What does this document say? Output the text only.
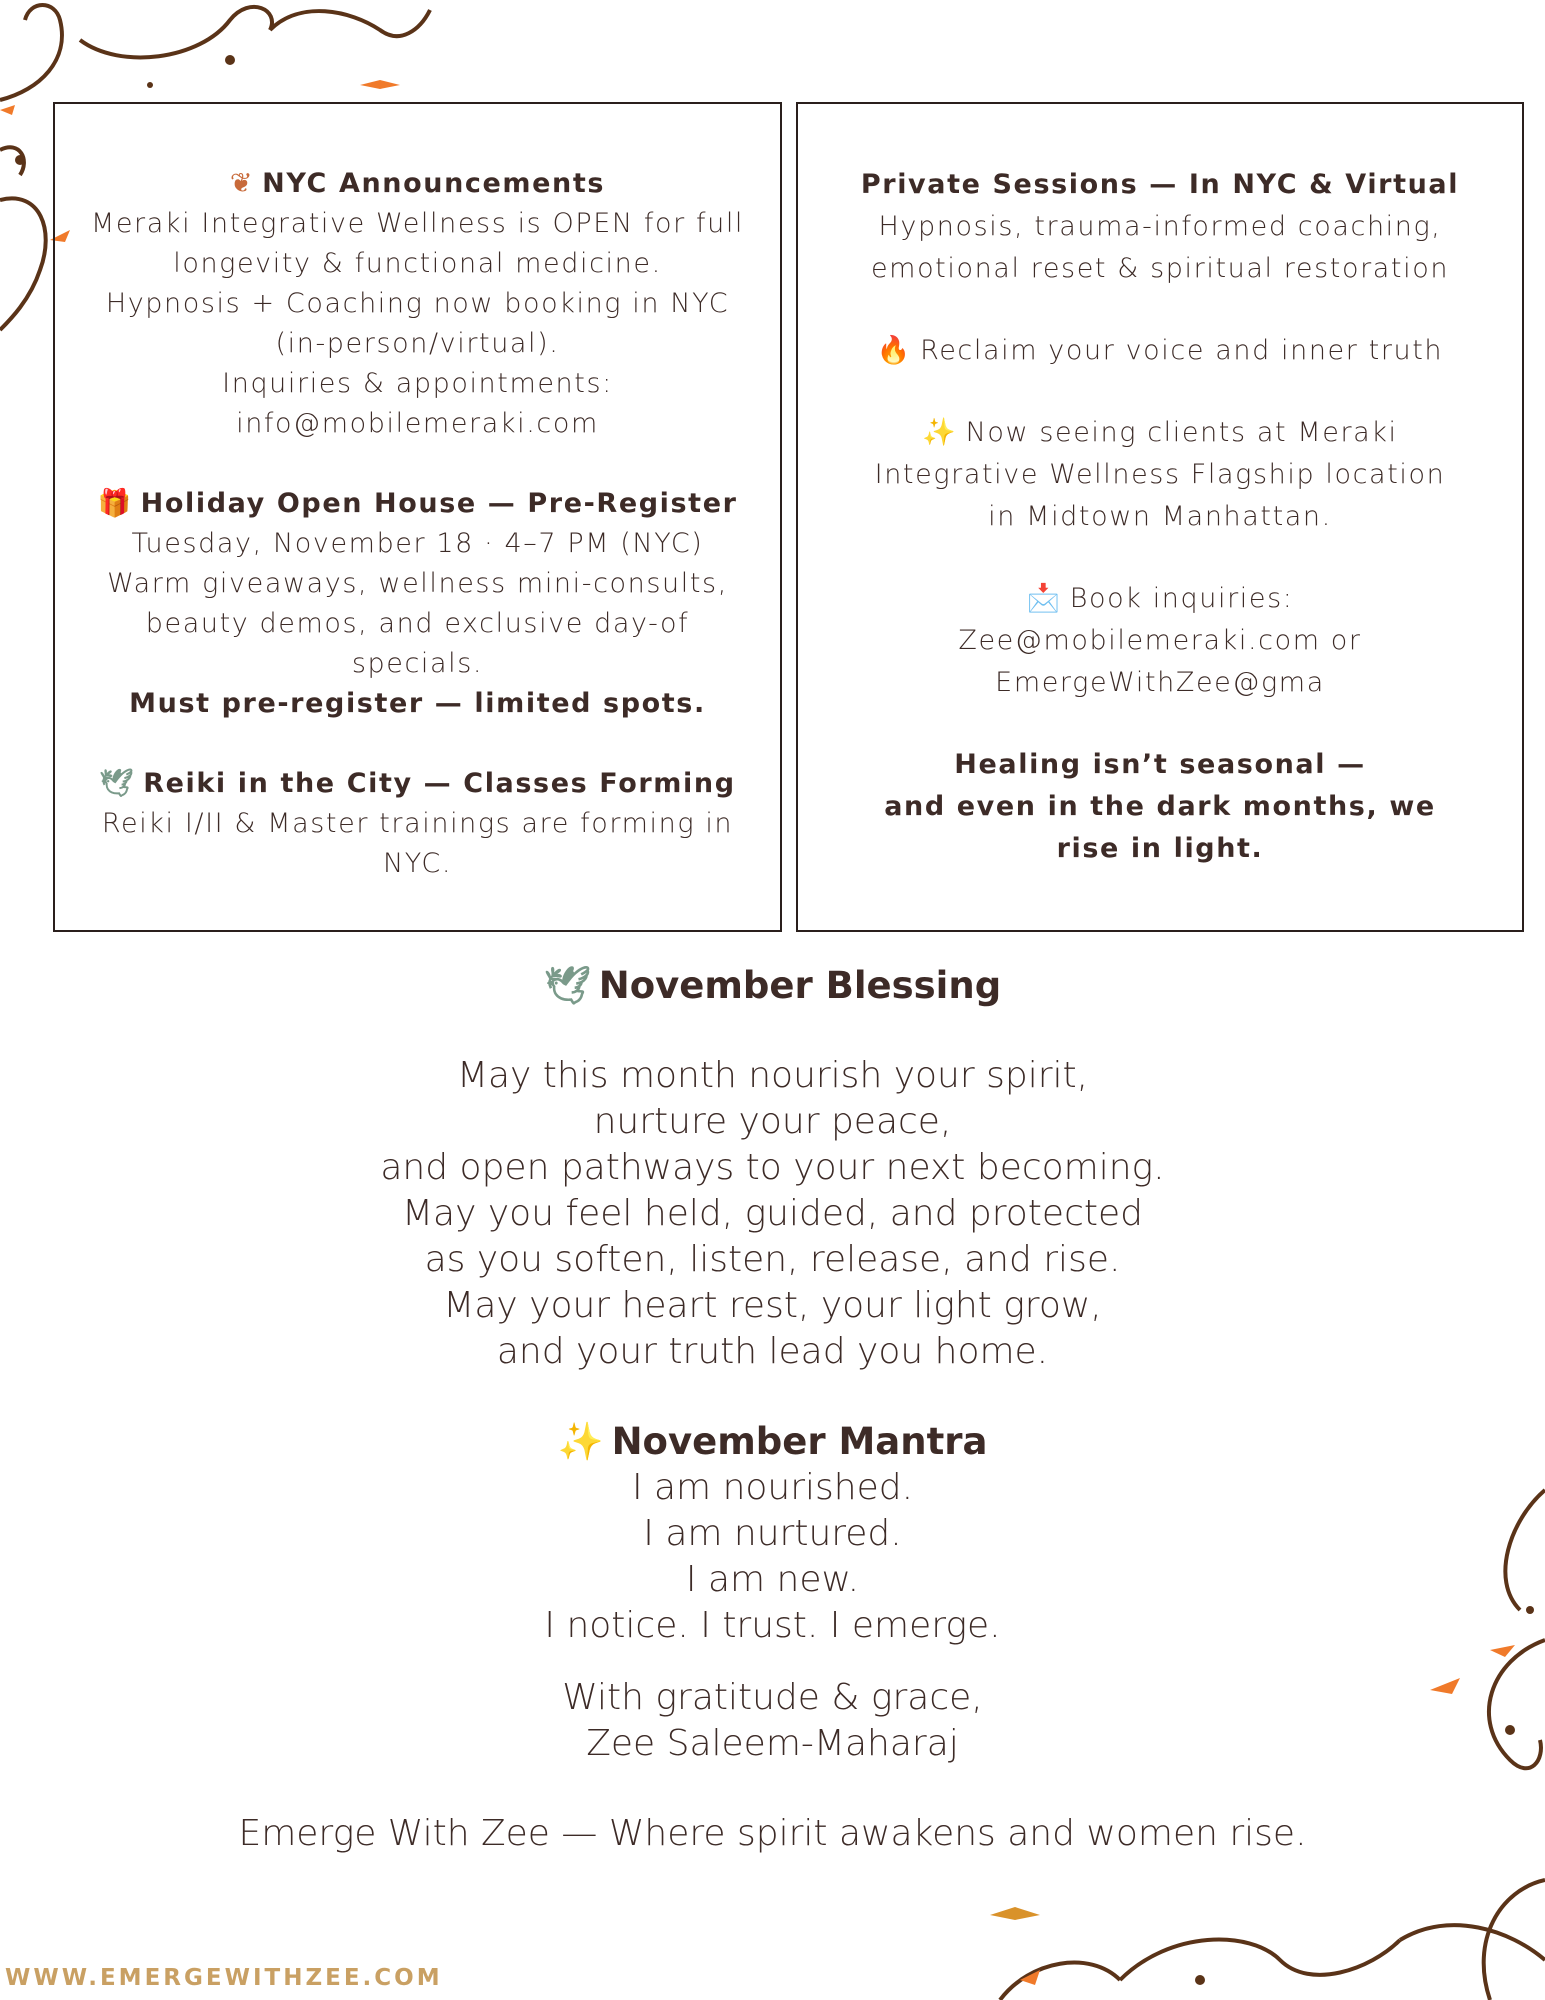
❦ NYC Announcements
Meraki Integrative Wellness is OPEN for full
longevity & functional medicine.
Hypnosis + Coaching now booking in NYC
(in-person/virtual).
Inquiries & appointments:
info@mobilemeraki.com
🎁 Holiday Open House — Pre-Register
Tuesday, November 18 · 4–7 PM (NYC)
Warm giveaways, wellness mini-consults,
beauty demos, and exclusive day-of
specials.
Must pre-register — limited spots.
🕊 Reiki in the City — Classes Forming
Reiki I/II & Master trainings are forming in
NYC.
Private Sessions — In NYC & Virtual
Hypnosis, trauma-informed coaching,
emotional reset & spiritual restoration
🔥 Reclaim your voice and inner truth
✨ Now seeing clients at Meraki
Integrative Wellness Flagship location
in Midtown Manhattan.
📩 Book inquiries:
Zee@mobilemeraki.com or
EmergeWithZee@gma
Healing isn’t seasonal —
and even in the dark months, we
rise in light.
🕊 November Blessing
May this month nourish your spirit,
nurture your peace,
and open pathways to your next becoming.
May you feel held, guided, and protected
as you soften, listen, release, and rise.
May your heart rest, your light grow,
and your truth lead you home.
✨ November Mantra
I am nourished.
I am nurtured.
I am new.
I notice. I trust. I emerge.
With gratitude & grace,
Zee Saleem-Maharaj
Emerge With Zee — Where spirit awakens and women rise.
WWW.EMERGEWITHZEE.COM
